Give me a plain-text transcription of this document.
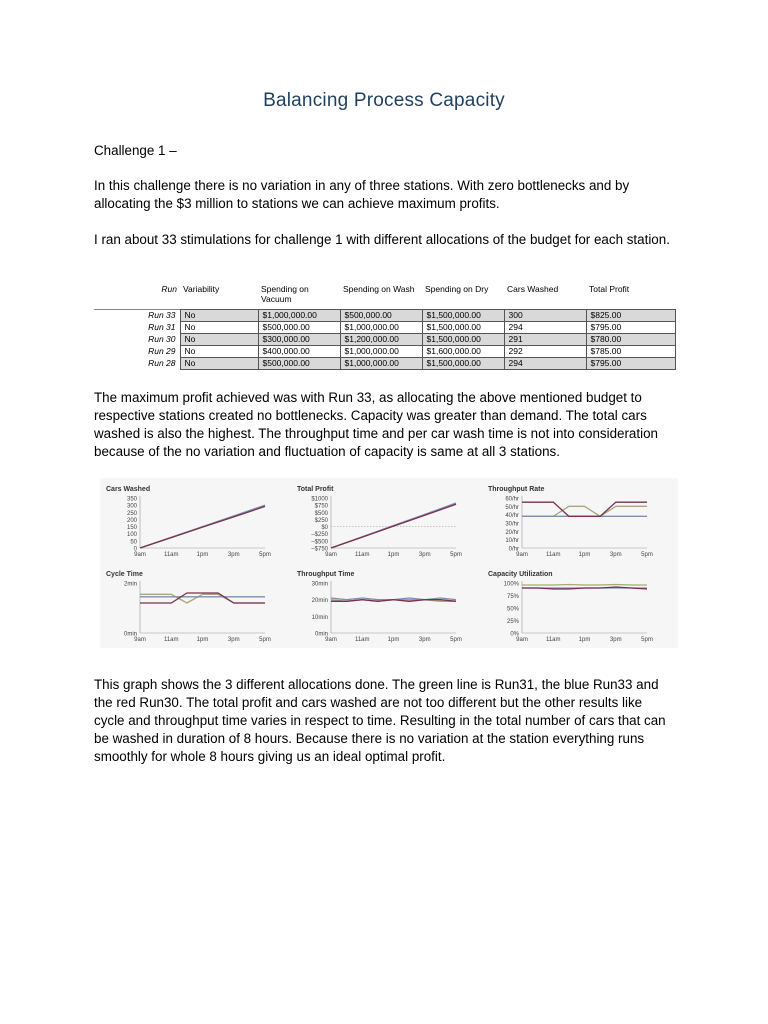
Balancing Process Capacity

Challenge 1 –

In this challenge there is no variation in any of three stations. With zero bottlenecks and by allocating the $3 million to stations we can achieve maximum profits.

I ran about 33 stimulations for challenge 1 with different allocations of the budget for each station.

Run	Variability	Spending on Vacuum	Spending on Wash	Spending on Dry	Cars Washed	Total Profit
Run 33	No	$1,000,000.00	$500,000.00	$1,500,000.00	300	$825.00
Run 31	No	$500,000.00	$1,000,000.00	$1,500,000.00	294	$795.00
Run 30	No	$300,000.00	$1,200,000.00	$1,500,000.00	291	$780.00
Run 29	No	$400,000.00	$1,000,000.00	$1,600,000.00	292	$785.00
Run 28	No	$500,000.00	$1,000,000.00	$1,500,000.00	294	$795.00

The maximum profit achieved was with Run 33, as allocating the above mentioned budget to respective stations created no bottlenecks. Capacity was greater than demand. The total cars washed is also the highest. The throughput time and per car wash time is not into consideration because of the no variation and fluctuation of capacity is same at all 3 stations.

Cars Washed
350
300
250
200
150
100
50
0
9am	11am	1pm	3pm	5pm
Total Profit
$1000
$750
$500
$250
$0
–$250
–$500
–$750
9am	11am	1pm	3pm	5pm
Throughput Rate
60/hr
50/hr
40/hr
30/hr
20/hr
10/hr
0/hr
9am	11am	1pm	3pm	5pm
Cycle Time
2min
0min
9am	11am	1pm	3pm	5pm
Throughput Time
30min
20min
10min
0min
9am	11am	1pm	3pm	5pm
Capacity Utilization
100%
75%
50%
25%
0%
9am	11am	1pm	3pm	5pm

This graph shows the 3 different allocations done. The green line is Run31, the blue Run33 and the red Run30. The total profit and cars washed are not too different but the other results like cycle and throughput time varies in respect to time. Resulting in the total number of cars that can be washed in duration of 8 hours. Because there is no variation at the station everything runs smoothly for whole 8 hours giving us an ideal optimal profit.
